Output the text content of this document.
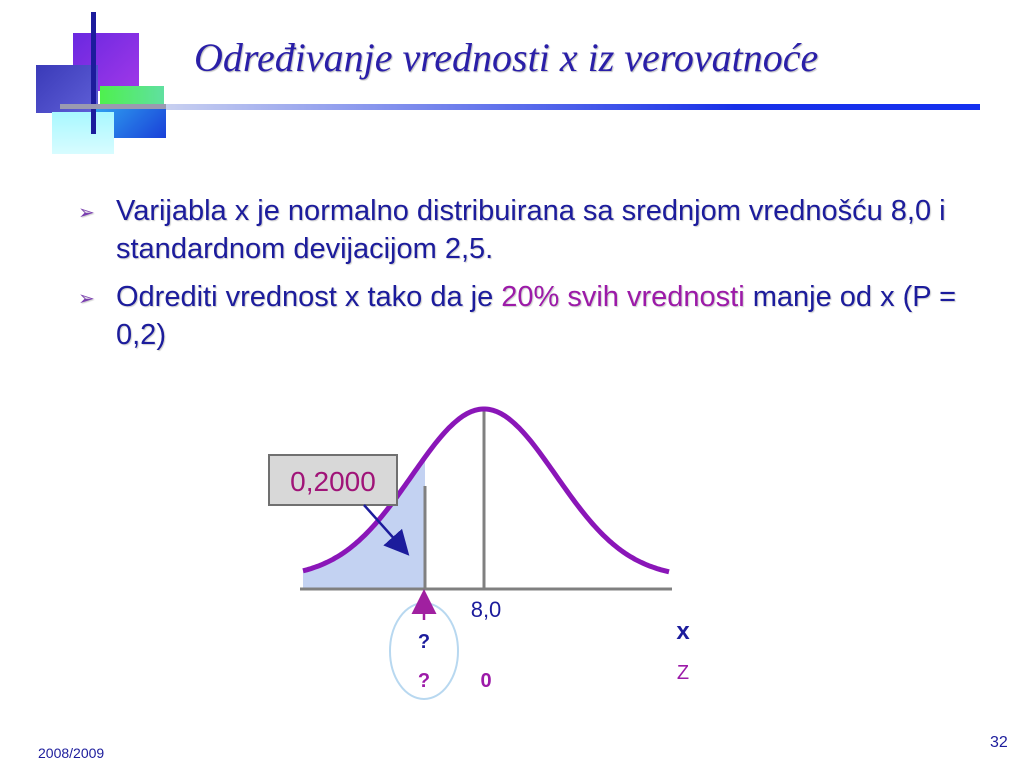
Određivanje vrednosti x iz verovatnoće
➢ Varijabla x je normalno distribuirana sa srednjom vrednošću 8,0 i standardnom devijacijom 2,5.
➢ Odrediti vrednost x tako da je 20% svih vrednosti manje od x (P = 0,2)
0,2000
8,0
x
Z
?
?	0
2008/2009
32
